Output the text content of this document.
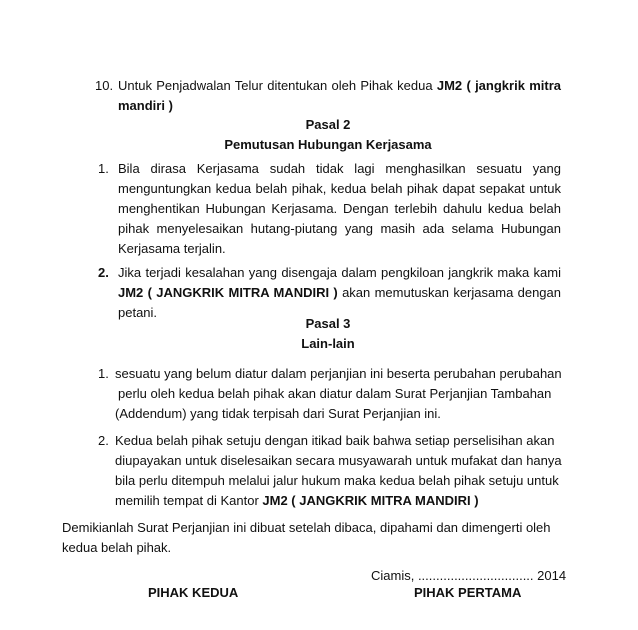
10. Untuk Penjadwalan Telur ditentukan oleh Pihak kedua JM2 ( jangkrik mitra
mandiri )
Pasal 2
Pemutusan Hubungan Kerjasama
1. Bila dirasa Kerjasama sudah tidak lagi menghasilkan sesuatu yang
menguntungkan kedua belah pihak, kedua belah pihak dapat sepakat untuk
menghentikan Hubungan Kerjasama. Dengan terlebih dahulu kedua belah
pihak menyelesaikan hutang-piutang yang masih ada selama Hubungan
Kerjasama terjalin.
2. Jika terjadi kesalahan yang disengaja dalam pengkiloan jangkrik maka kami
JM2 ( JANGKRIK MITRA MANDIRI ) akan memutuskan kerjasama dengan
petani.
Pasal 3
Lain-lain
1. sesuatu yang belum diatur dalam perjanjian ini beserta perubahan perubahan
perlu oleh kedua belah pihak akan diatur dalam Surat Perjanjian Tambahan
(Addendum) yang tidak terpisah dari Surat Perjanjian ini.
2. Kedua belah pihak setuju dengan itikad baik bahwa setiap perselisihan akan
diupayakan untuk diselesaikan secara musyawarah untuk mufakat dan hanya
bila perlu ditempuh melalui jalur hukum maka kedua belah pihak setuju untuk
memilih tempat di Kantor JM2 ( JANGKRIK MITRA MANDIRI )
Demikianlah Surat Perjanjian ini dibuat setelah dibaca, dipahami dan dimengerti oleh
kedua belah pihak.
Ciamis, ................................ 2014
PIHAK KEDUA	PIHAK PERTAMA
